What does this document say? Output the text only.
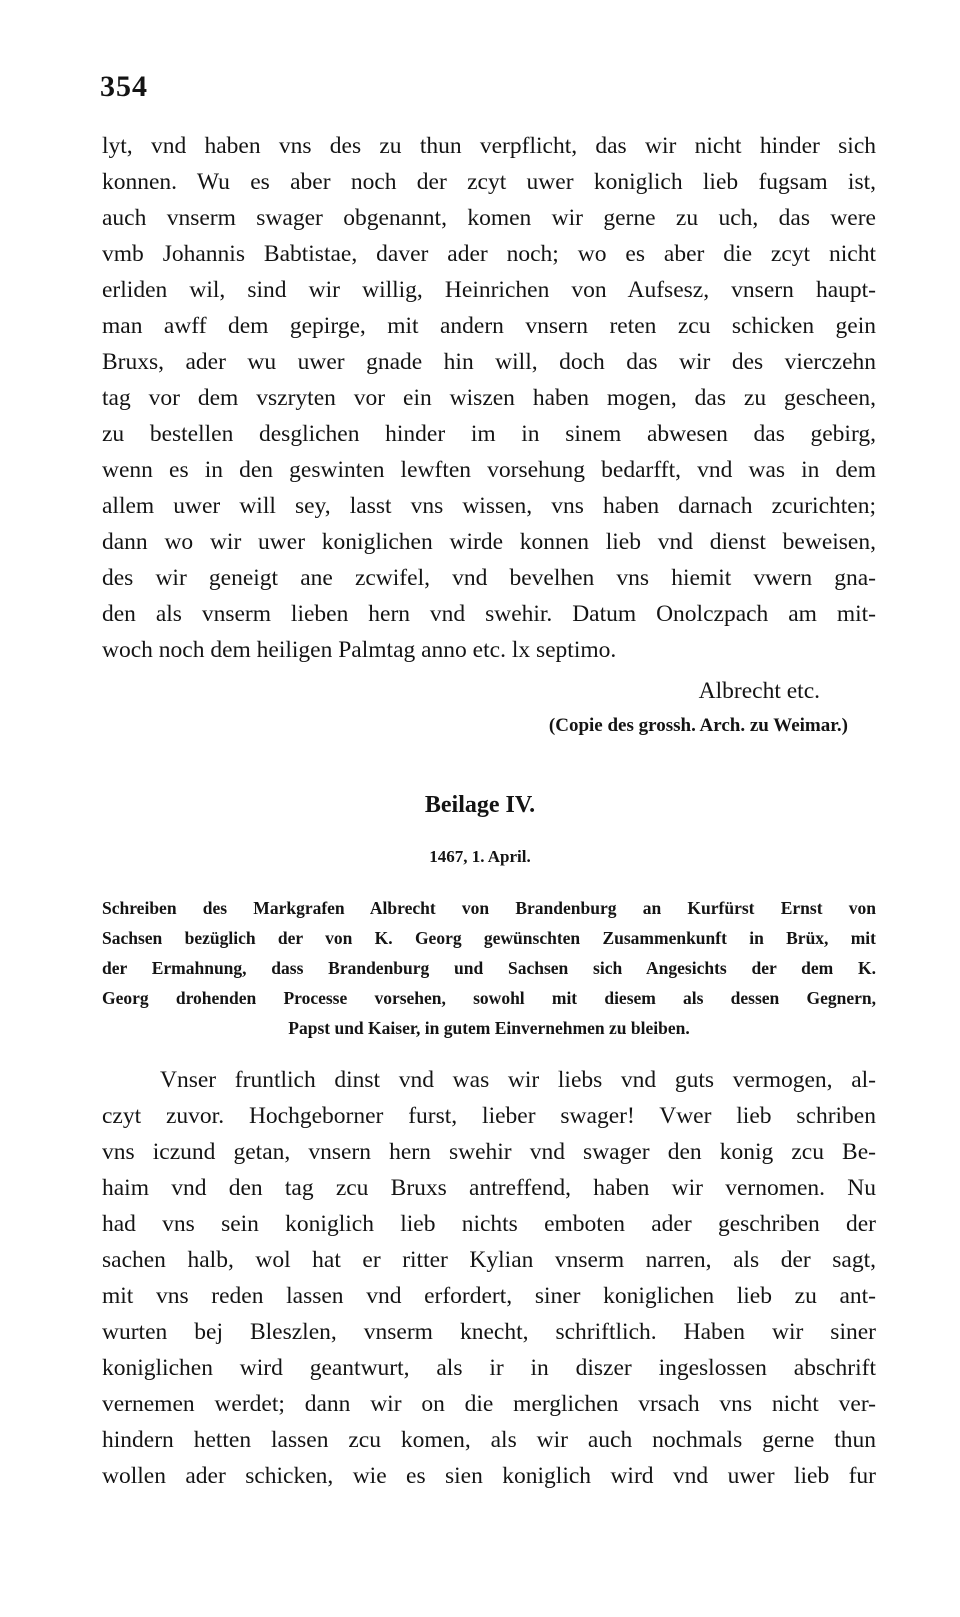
354

lyt, vnd haben vns des zu thun verpflicht, das wir nicht hinder sich

konnen. Wu es aber noch der zcyt uwer koniglich lieb fugsam ist,

auch vnserm swager obgenannt, komen wir gerne zu uch, das were

vmb Johannis Babtistae, daver ader noch; wo es aber die zcyt nicht

erliden wil, sind wir willig, Heinrichen von Aufsesz, vnsern haupt-

man awff dem gepirge, mit andern vnsern reten zcu schicken gein

Bruxs, ader wu uwer gnade hin will, doch das wir des vierczehn

tag vor dem vszryten vor ein wiszen haben mogen, das zu gescheen,

zu bestellen desglichen hinder im in sinem abwesen das gebirg,

wenn es in den geswinten lewften vorsehung bedarfft, vnd was in dem

allem uwer will sey, lasst vns wissen, vns haben darnach zcurichten;

dann wo wir uwer koniglichen wirde konnen lieb vnd dienst beweisen,

des wir geneigt ane zcwifel, vnd bevelhen vns hiemit vwern gna-

den als vnserm lieben hern vnd swehir. Datum Onolczpach am mit-

woch noch dem heiligen Palmtag anno etc. lx septimo.

Albrecht etc.
(Copie des grossh. Arch. zu Weimar.)
Beilage IV.
1467, 1. April.

Schreiben des Markgrafen Albrecht von Brandenburg an Kurfürst Ernst von

Sachsen bezüglich der von K. Georg gewünschten Zusammenkunft in Brüx, mit

der Ermahnung, dass Brandenburg und Sachsen sich Angesichts der dem K.

Georg drohenden Processe vorsehen, sowohl mit diesem als dessen Gegnern,

Papst und Kaiser, in gutem Einvernehmen zu bleiben.

Vnser fruntlich dinst vnd was wir liebs vnd guts vermogen, al-

czyt zuvor. Hochgeborner furst, lieber swager! Vwer lieb schriben

vns iczund getan, vnsern hern swehir vnd swager den konig zcu Be-

haim vnd den tag zcu Bruxs antreffend, haben wir vernomen. Nu

had vns sein koniglich lieb nichts emboten ader geschriben der

sachen halb, wol hat er ritter Kylian vnserm narren, als der sagt,

mit vns reden lassen vnd erfordert, siner koniglichen lieb zu ant-

wurten bej Bleszlen, vnserm knecht, schriftlich. Haben wir siner

koniglichen wird geantwurt, als ir in diszer ingeslossen abschrift

vernemen werdet; dann wir on die merglichen vrsach vns nicht ver-

hindern hetten lassen zcu komen, als wir auch nochmals gerne thun

wollen ader schicken, wie es sien koniglich wird vnd uwer lieb fur
